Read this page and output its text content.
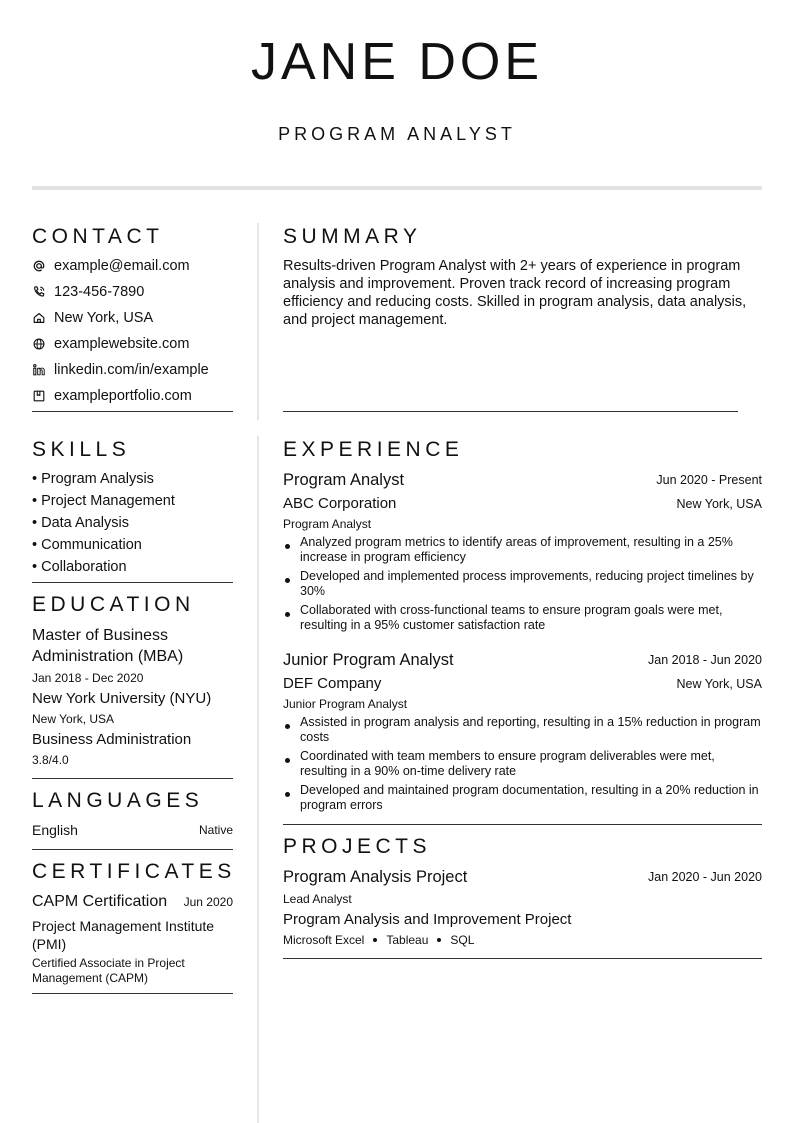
JANE DOE
PROGRAM ANALYST
CONTACT
example@email.com
123-456-7890
New York, USA
examplewebsite.com
linkedin.com/in/example
exampleportfolio.com
SUMMARY
Results-driven Program Analyst with 2+ years of experience in program analysis and improvement. Proven track record of increasing program efficiency and reducing costs. Skilled in program analysis, data analysis, and project management.
SKILLS
• Program Analysis
• Project Management
• Data Analysis
• Communication
• Collaboration
EDUCATION
Master of Business Administration (MBA)
Jan 2018 - Dec 2020
New York University (NYU)
New York, USA
Business Administration
3.8/4.0
LANGUAGES
English	Native
CERTIFICATES
CAPM Certification	Jun 2020
Project Management Institute (PMI)
Certified Associate in Project Management (CAPM)
EXPERIENCE
Program Analyst	Jun 2020 - Present
ABC Corporation	New York, USA
Program Analyst
Analyzed program metrics to identify areas of improvement, resulting in a 25% increase in program efficiency
Developed and implemented process improvements, reducing project timelines by 30%
Collaborated with cross-functional teams to ensure program goals were met, resulting in a 95% customer satisfaction rate
Junior Program Analyst	Jan 2018 - Jun 2020
DEF Company	New York, USA
Junior Program Analyst
Assisted in program analysis and reporting, resulting in a 15% reduction in program costs
Coordinated with team members to ensure program deliverables were met, resulting in a 90% on-time delivery rate
Developed and maintained program documentation, resulting in a 20% reduction in program errors
PROJECTS
Program Analysis Project	Jan 2020 - Jun 2020
Lead Analyst
Program Analysis and Improvement Project
Microsoft Excel Tableau SQL
